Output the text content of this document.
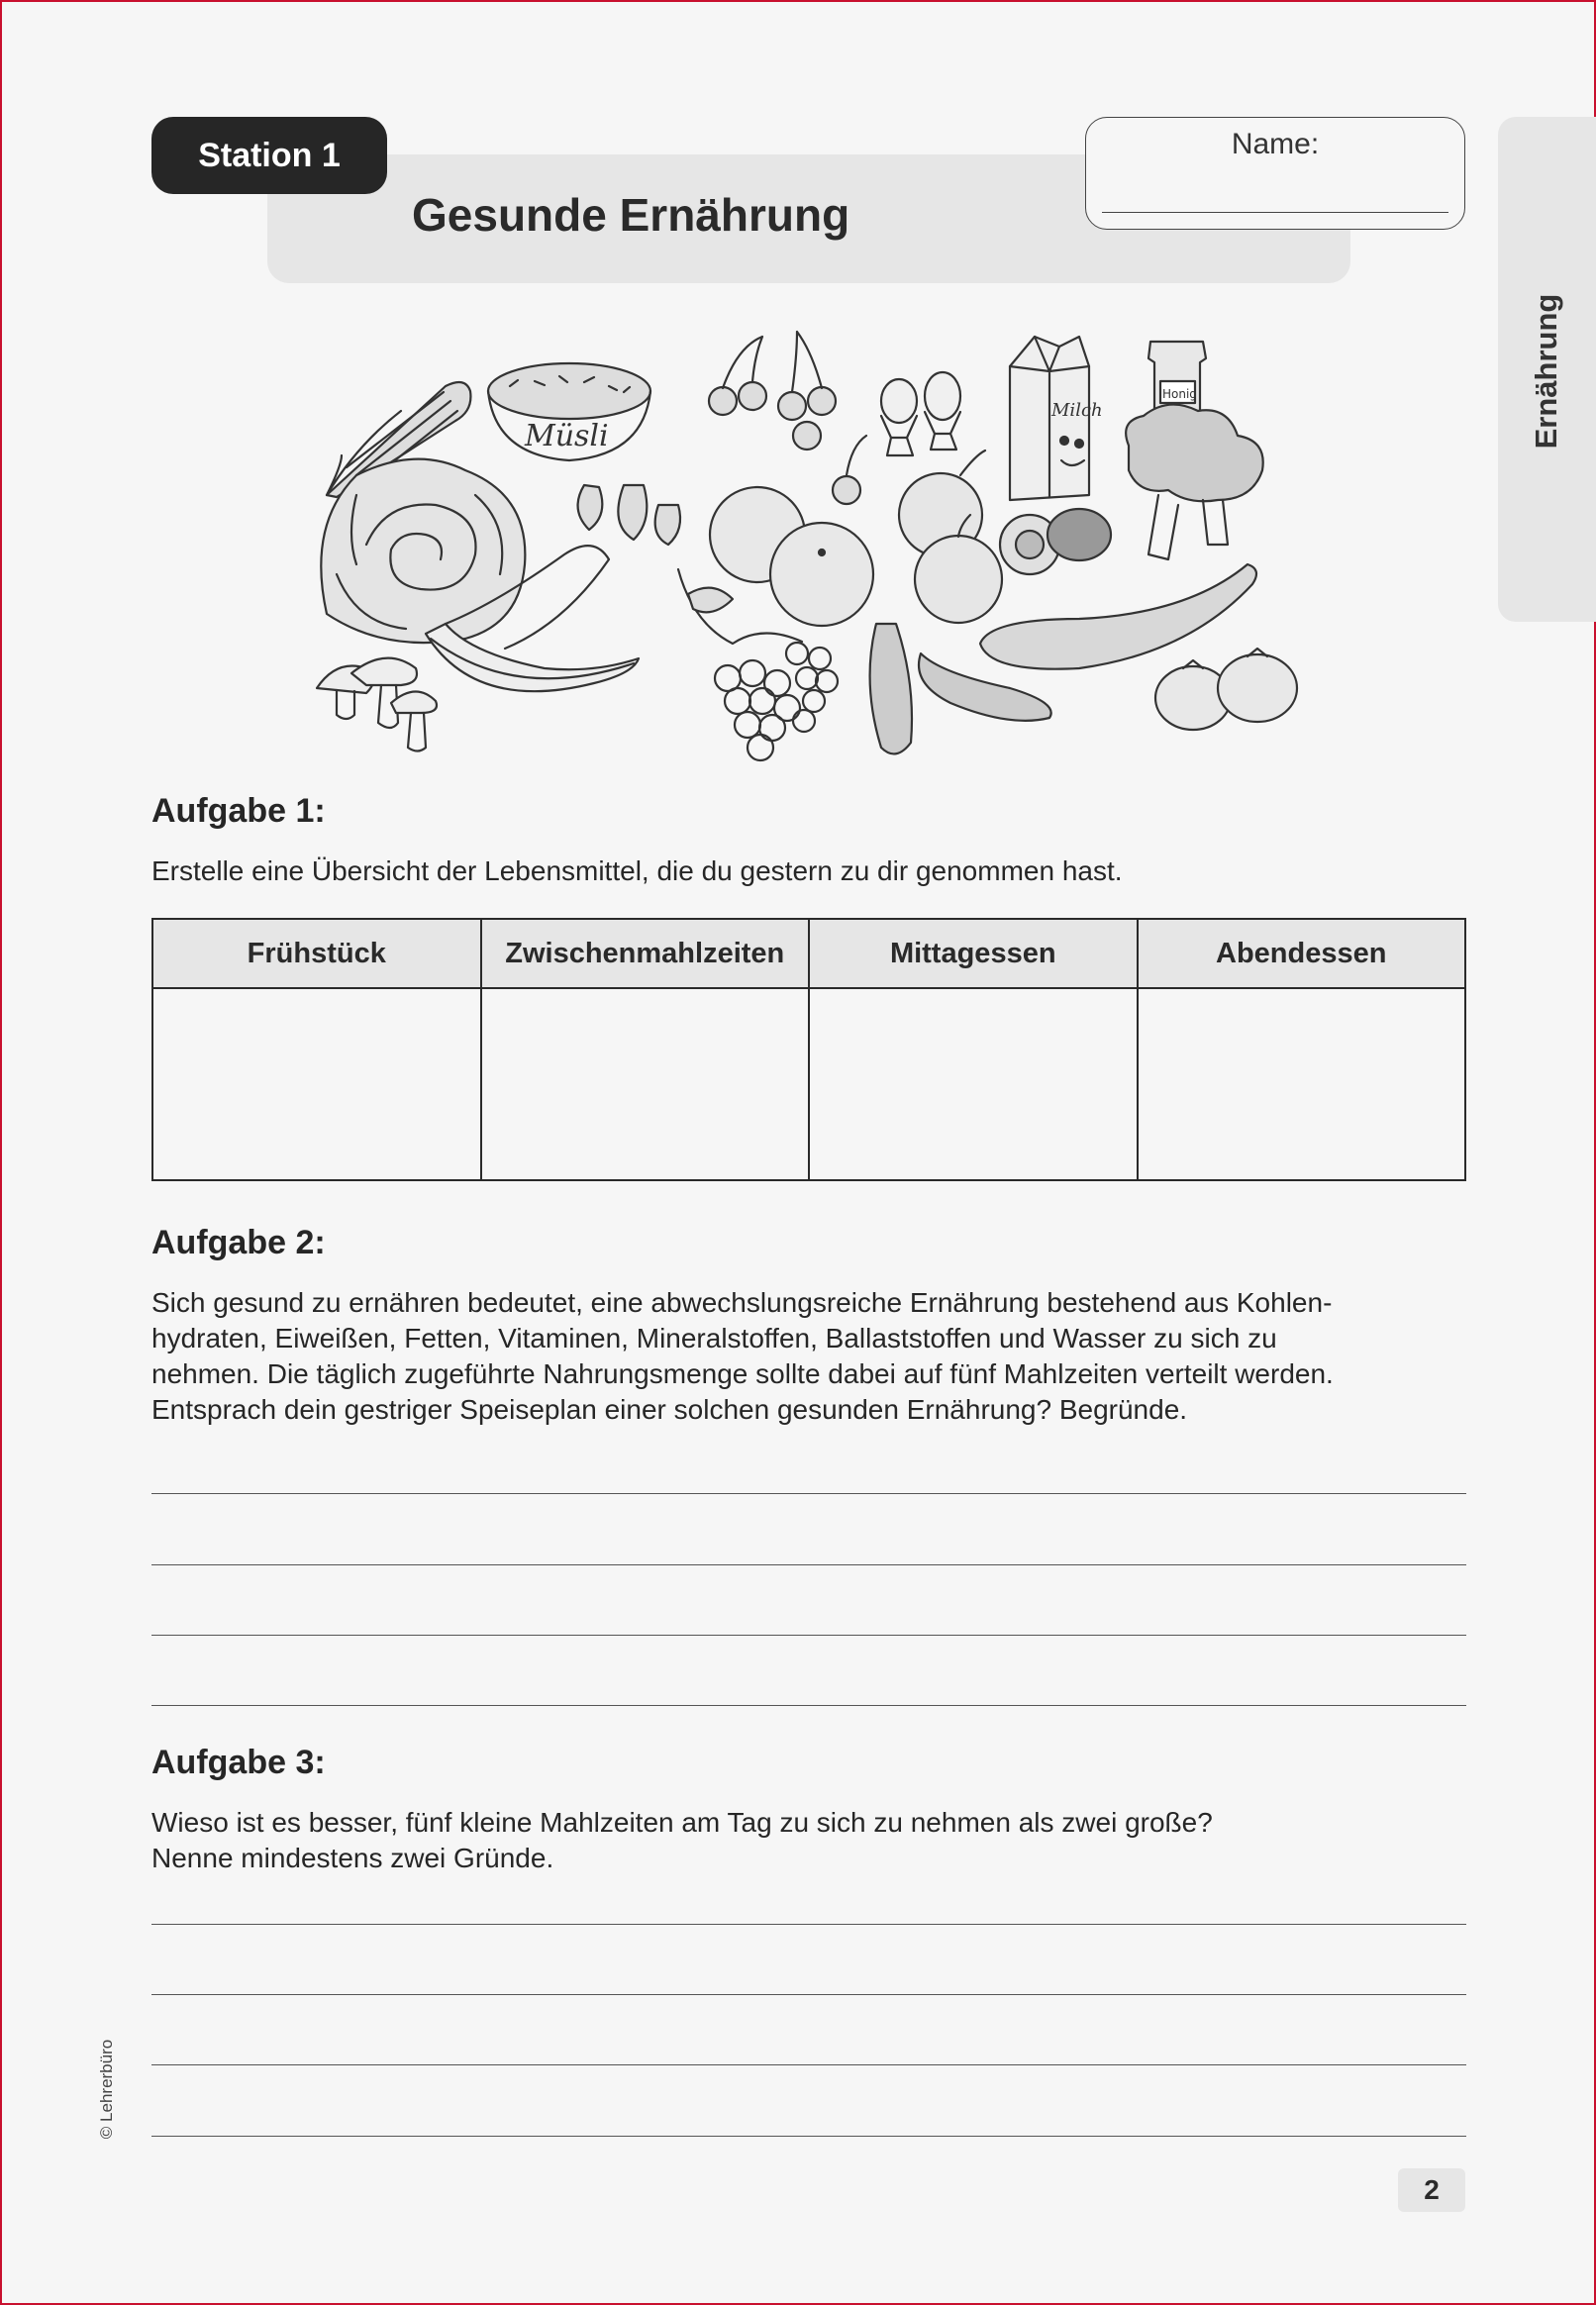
Ernährung
Gesunde Ernährung
Station 1	Name:
Müsli
Milch
Honig
Aufgabe 1:
Erstelle eine Übersicht der Lebensmittel, die du gestern zu dir genommen hast.
Frühstück	Zwischenmahlzeiten	Mittagessen	Abendessen

Aufgabe 2:

Sich gesund zu ernähren bedeutet, eine abwechslungsreiche Ernährung bestehend aus Kohlen-

hydraten, Eiweißen, Fetten, Vitaminen, Mineralstoffen, Ballaststoffen und Wasser zu sich zu

nehmen. Die täglich zugeführte Nahrungsmenge sollte dabei auf fünf Mahlzeiten verteilt werden.

Entsprach dein gestriger Speiseplan einer solchen gesunden Ernährung? Begründe.

Aufgabe 3:

Wieso ist es besser, fünf kleine Mahlzeiten am Tag zu sich zu nehmen als zwei große?

Nenne mindestens zwei Gründe.

© Lehrerbüro
2
